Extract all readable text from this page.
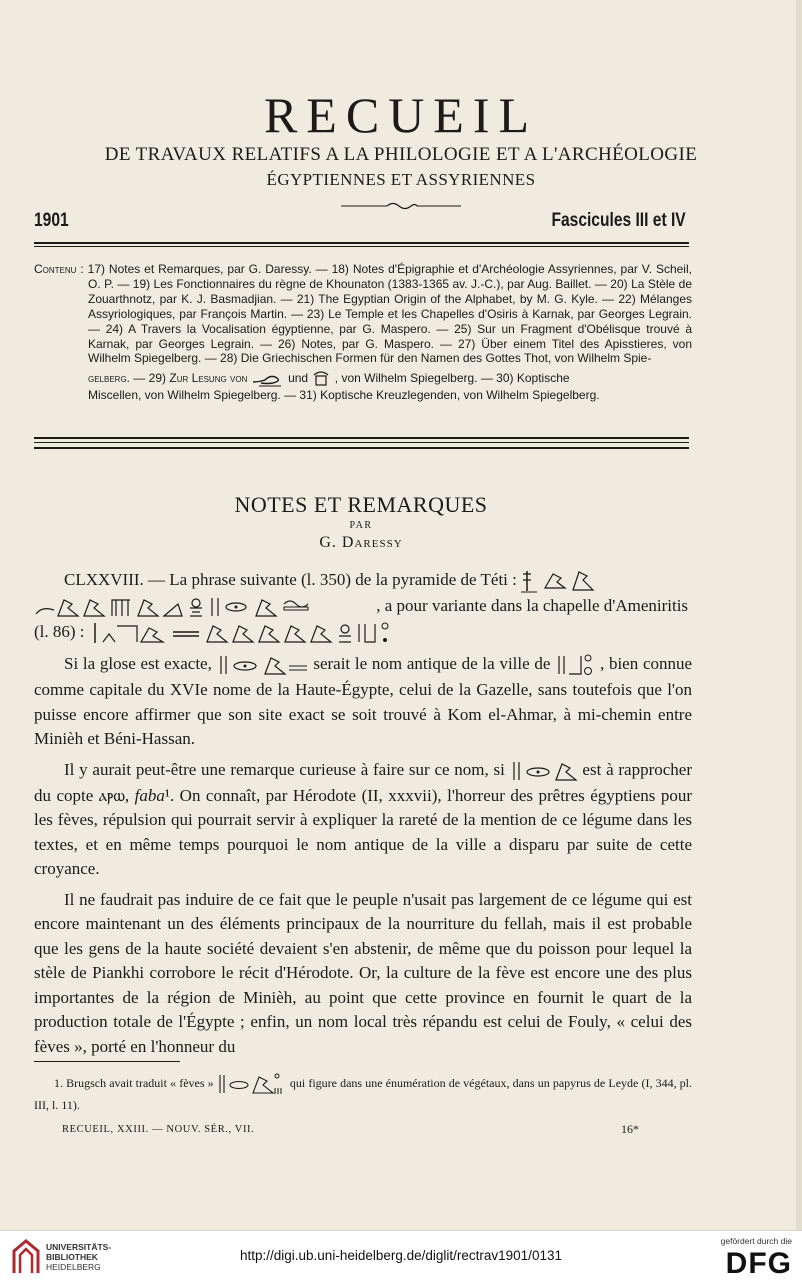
RECUEIL
DE TRAVAUX RELATIFS A LA PHILOLOGIE ET A L'ARCHÉOLOGIE
ÉGYPTIENNES ET ASSYRIENNES
1901	Fascicules III et IV

Contenu : 17) Notes et Remarques, par G. Daressy. — 18) Notes d'Épigraphie et d'Archéologie Assyriennes, par V. Scheil, O. P. — 19) Les Fonctionnaires du règne de Khounaton (1383-1365 av. J.-C.), par Aug. Baillet. — 20) La Stèle de Zouarthnotz, par K. J. Basmadjian. — 21) The Egyptian Origin of the Alphabet, by M. G. Kyle. — 22) Mélanges Assyriologiques, par François Martin. — 23) Le Temple et les Chapelles d'Osiris à Karnak, par Georges Legrain. — 24) A Travers la Vocalisation égyptienne, par G. Maspero. — 25) Sur un Fragment d'Obélisque trouvé à Karnak, par Georges Legrain. — 26) Notes, par G. Maspero. — 27) Über einem Titel des Apisstieres, von Wilhelm Spiegelberg. — 28) Die Griechischen Formen für den Namen des Gottes Thot, von Wilhelm Spie-

gelberg. — 29) Zur Lesung von	und , von Wilhelm Spiegelberg. — 30) Koptische

Miscellen, von Wilhelm Spiegelberg. — 31) Koptische Kreuzlegenden, von Wilhelm Spiegelberg.

NOTES ET REMARQUES
PAR
G. Daressy

CLXXVIII. — La phrase suivante (l. 350) de la pyramide de Téti :

, a pour variante dans la chapelle d'Ameniritis

(l. 86) :

Si la glose est exacte,	serait le nom antique de la ville de	, bien connue comme capitale du XVIe nome de la Haute-Égypte, celui de la Gazelle, sans toutefois que l'on puisse encore affirmer que son site exact se soit trouvé à Kom el-Ahmar, à mi-chemin entre Minièh et Béni-Hassan.

Il y aurait peut-être une remarque curieuse à faire sur ce nom, si	est à rapprocher du copte ⲁⲣⲱ, faba¹. On connaît, par Hérodote (II, xxxvii), l'horreur des prêtres égyptiens pour les fèves, répulsion qui pourrait servir à expliquer la rareté de la mention de ce légume dans les textes, et en même temps pourquoi le nom antique de la ville a disparu par suite de cette croyance.

Il ne faudrait pas induire de ce fait que le peuple n'usait pas largement de ce légume qui est encore maintenant un des éléments principaux de la nourriture du fellah, mais il est probable que les gens de la haute société devaient s'en abstenir, de même que du poisson pour lequel la stèle de Piankhi corrobore le récit d'Hérodote. Or, la culture de la fève est encore une des plus importantes de la région de Minièh, au point que cette province en fournit le quart de la production totale de l'Égypte ; enfin, un nom local très répandu est celui de Fouly, « celui des fèves », porté en l'honneur du

1. Brugsch avait traduit « fèves »	qui figure dans une énumération de végétaux, dans un papyrus de Leyde (I, 344, pl. III, l. 11).

RECUEIL, XXIII. — NOUV. SÉR., VII.	16*
UNIVERSITÄTS-
BIBLIOTHEK
HEIDELBERG
http://digi.ub.uni-heidelberg.de/diglit/rectrav1901/0131
gefördert durch die
DFG
